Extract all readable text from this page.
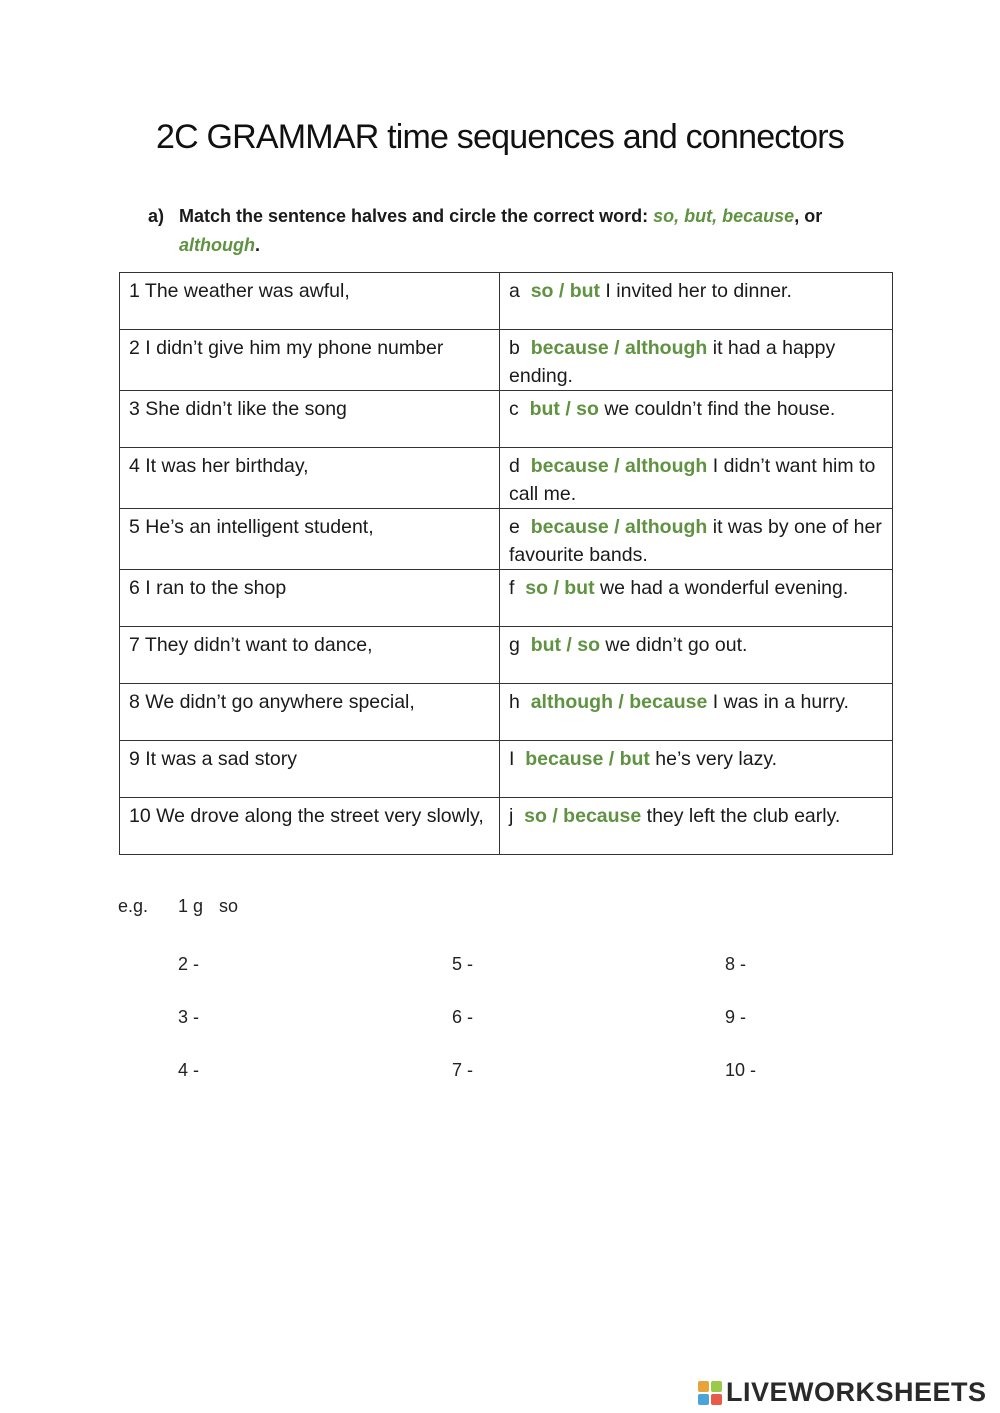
2C GRAMMAR time sequences and connectors
a) Match the sentence halves and circle the correct word: so, but, because, or
although.
1 The weather was awful,	a  so / but I invited her to dinner.
2 I didn’t give him my phone number	b  because / although it had a happy ending.
3 She didn’t like the song	c  but / so we couldn’t find the house.
4 It was her birthday,	d  because / although I didn’t want him to call me.
5 He’s an intelligent student,	e  because / although it was by one of her favourite bands.
6 I ran to the shop	f  so / but we had a wonderful evening.
7 They didn’t want to dance,	g  but / so we didn’t go out.
8 We didn’t go anywhere special,	h  although / because I was in a hurry.
9 It was a sad story	I  because / but he’s very lazy.
10 We drove along the street very slowly,	j  so / because they left the club early.
e.g. 1 g so
2 -
3 -
4 -
5 -
6 -
7 -
8 -
9 -
10 -
LIVEWORKSHEETS
